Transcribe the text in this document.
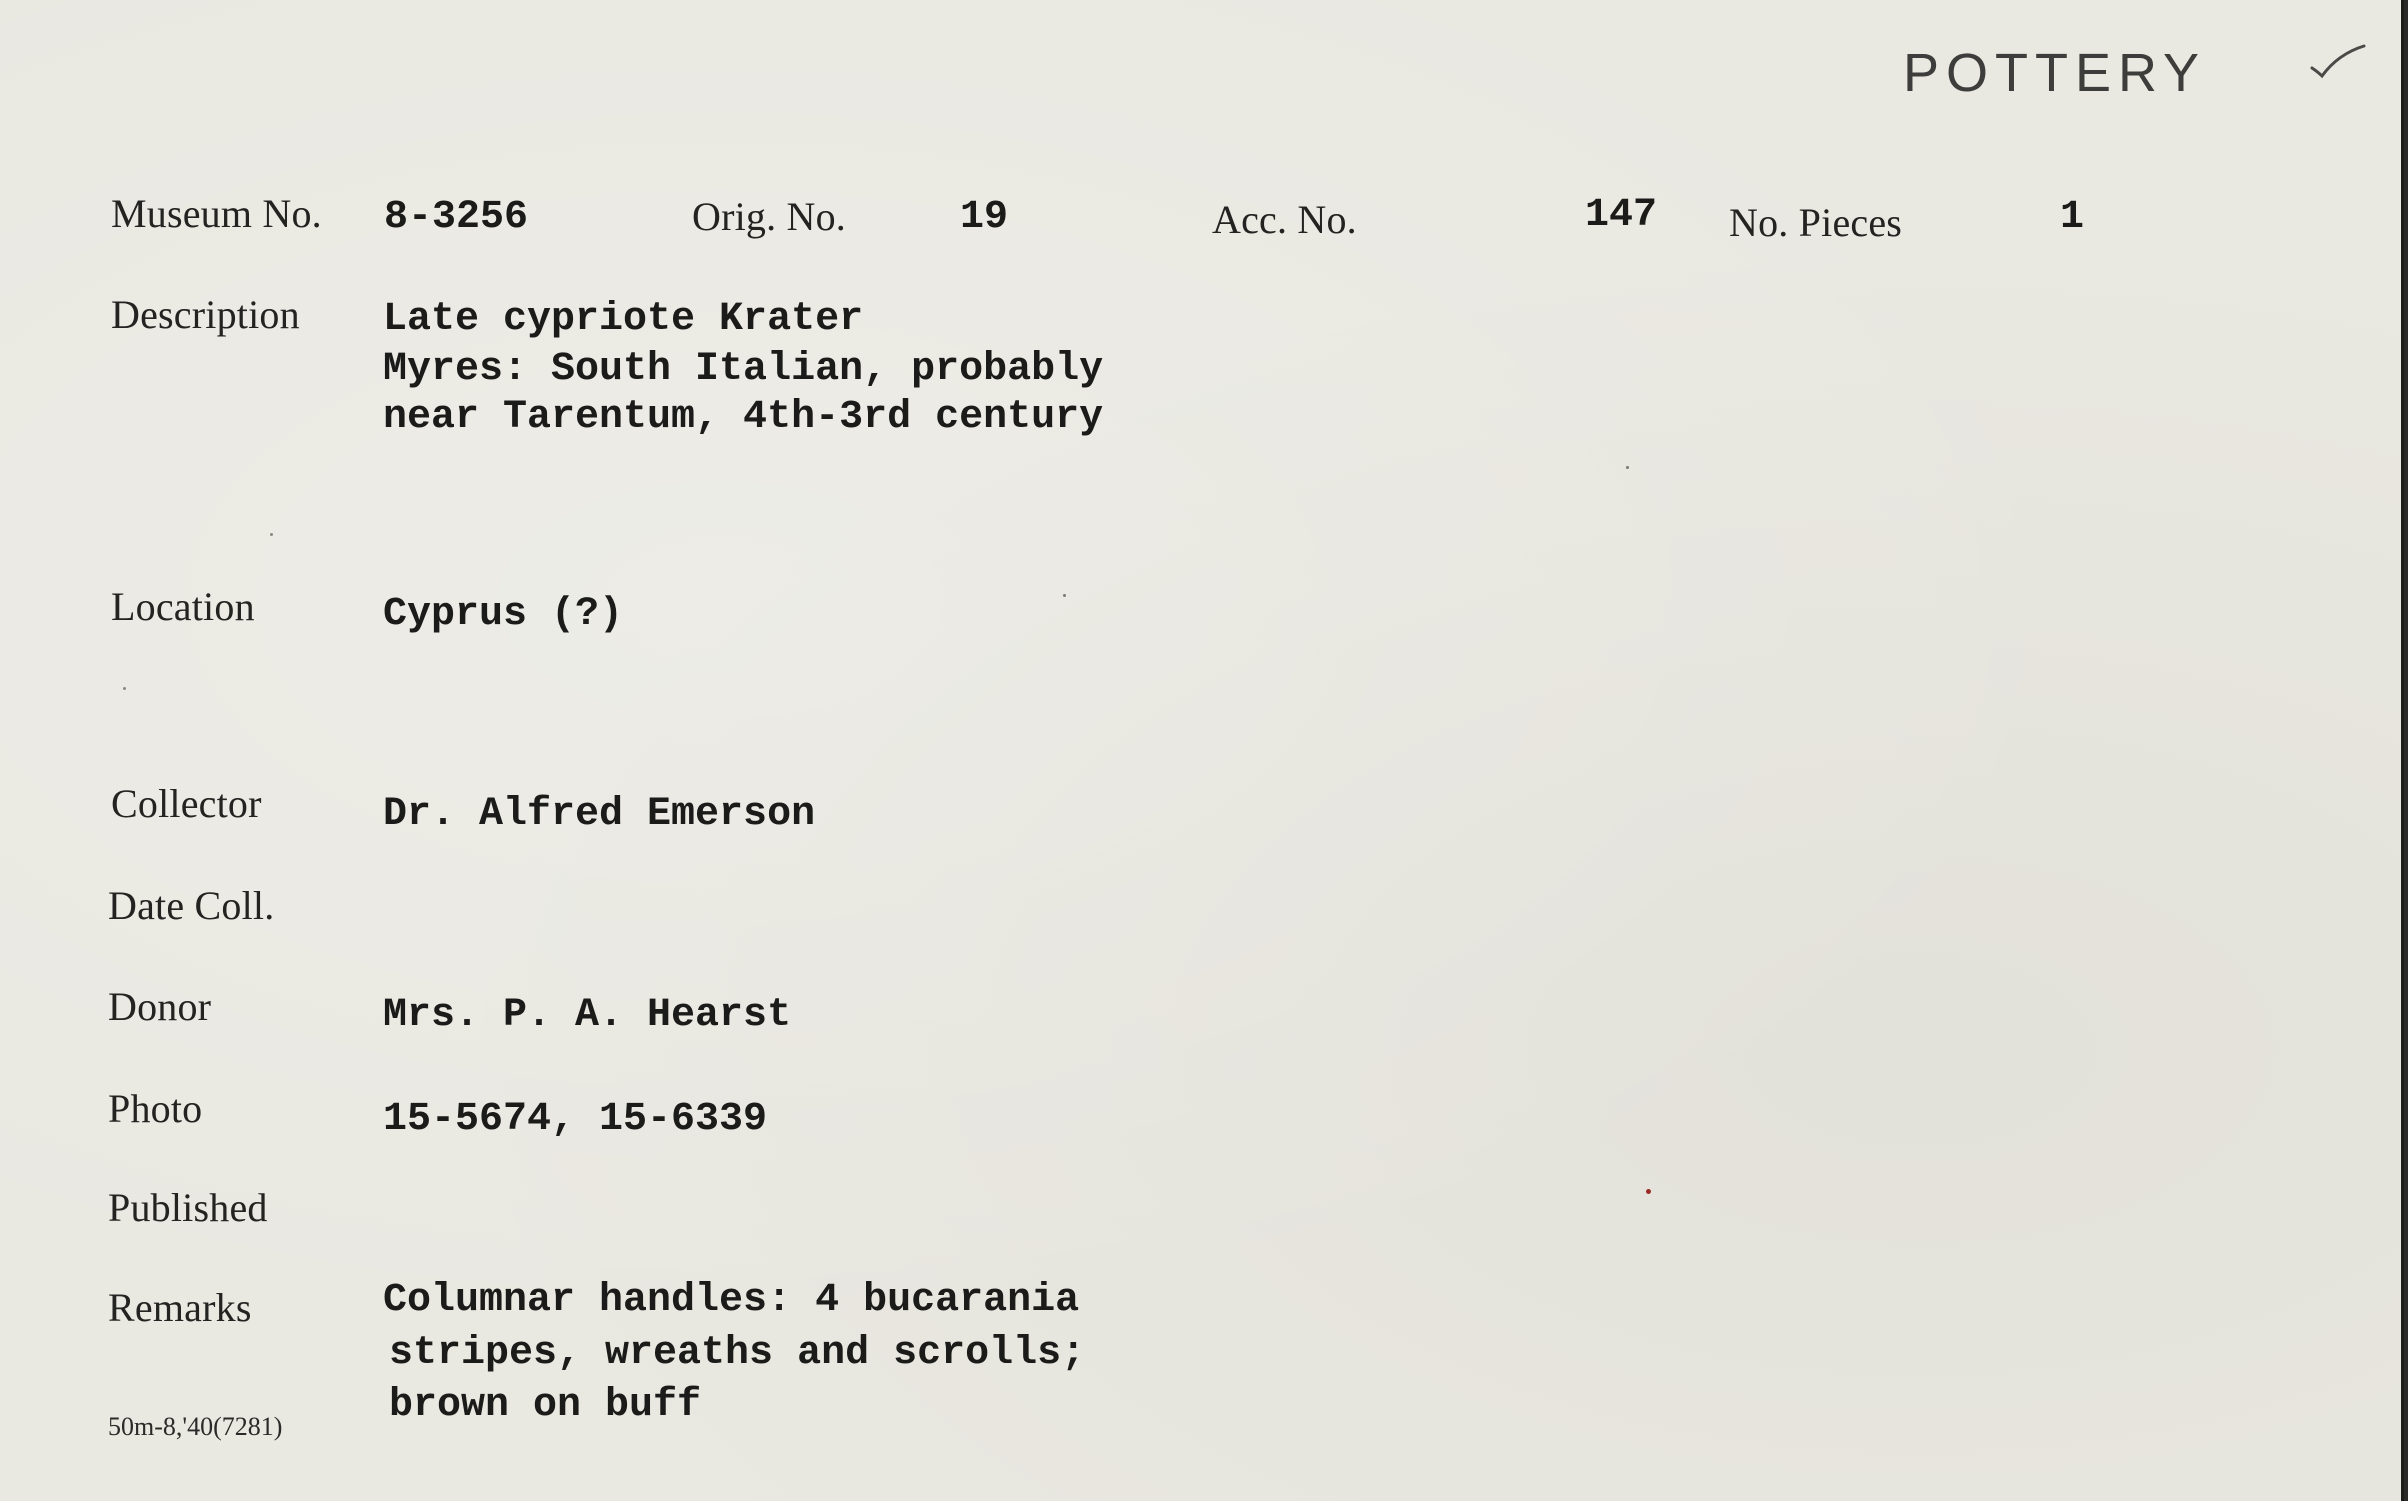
POTTERY
Museum No. 8-3256	Orig. No.	19	Acc. No.	147 No. Pieces	1
Description Late cypriote Krater
Myres: South Italian, probably
near Tarentum, 4th-3rd century
Location	Cyprus (?)
Collector	Dr. Alfred Emerson
Date Coll.
Donor	Mrs. P. A. Hearst
Photo	15-5674, 15-6339
Published
Remarks	Columnar handles: 4 bucarania
stripes, wreaths and scrolls;
brown on buff
50m-8,'40(7281)
